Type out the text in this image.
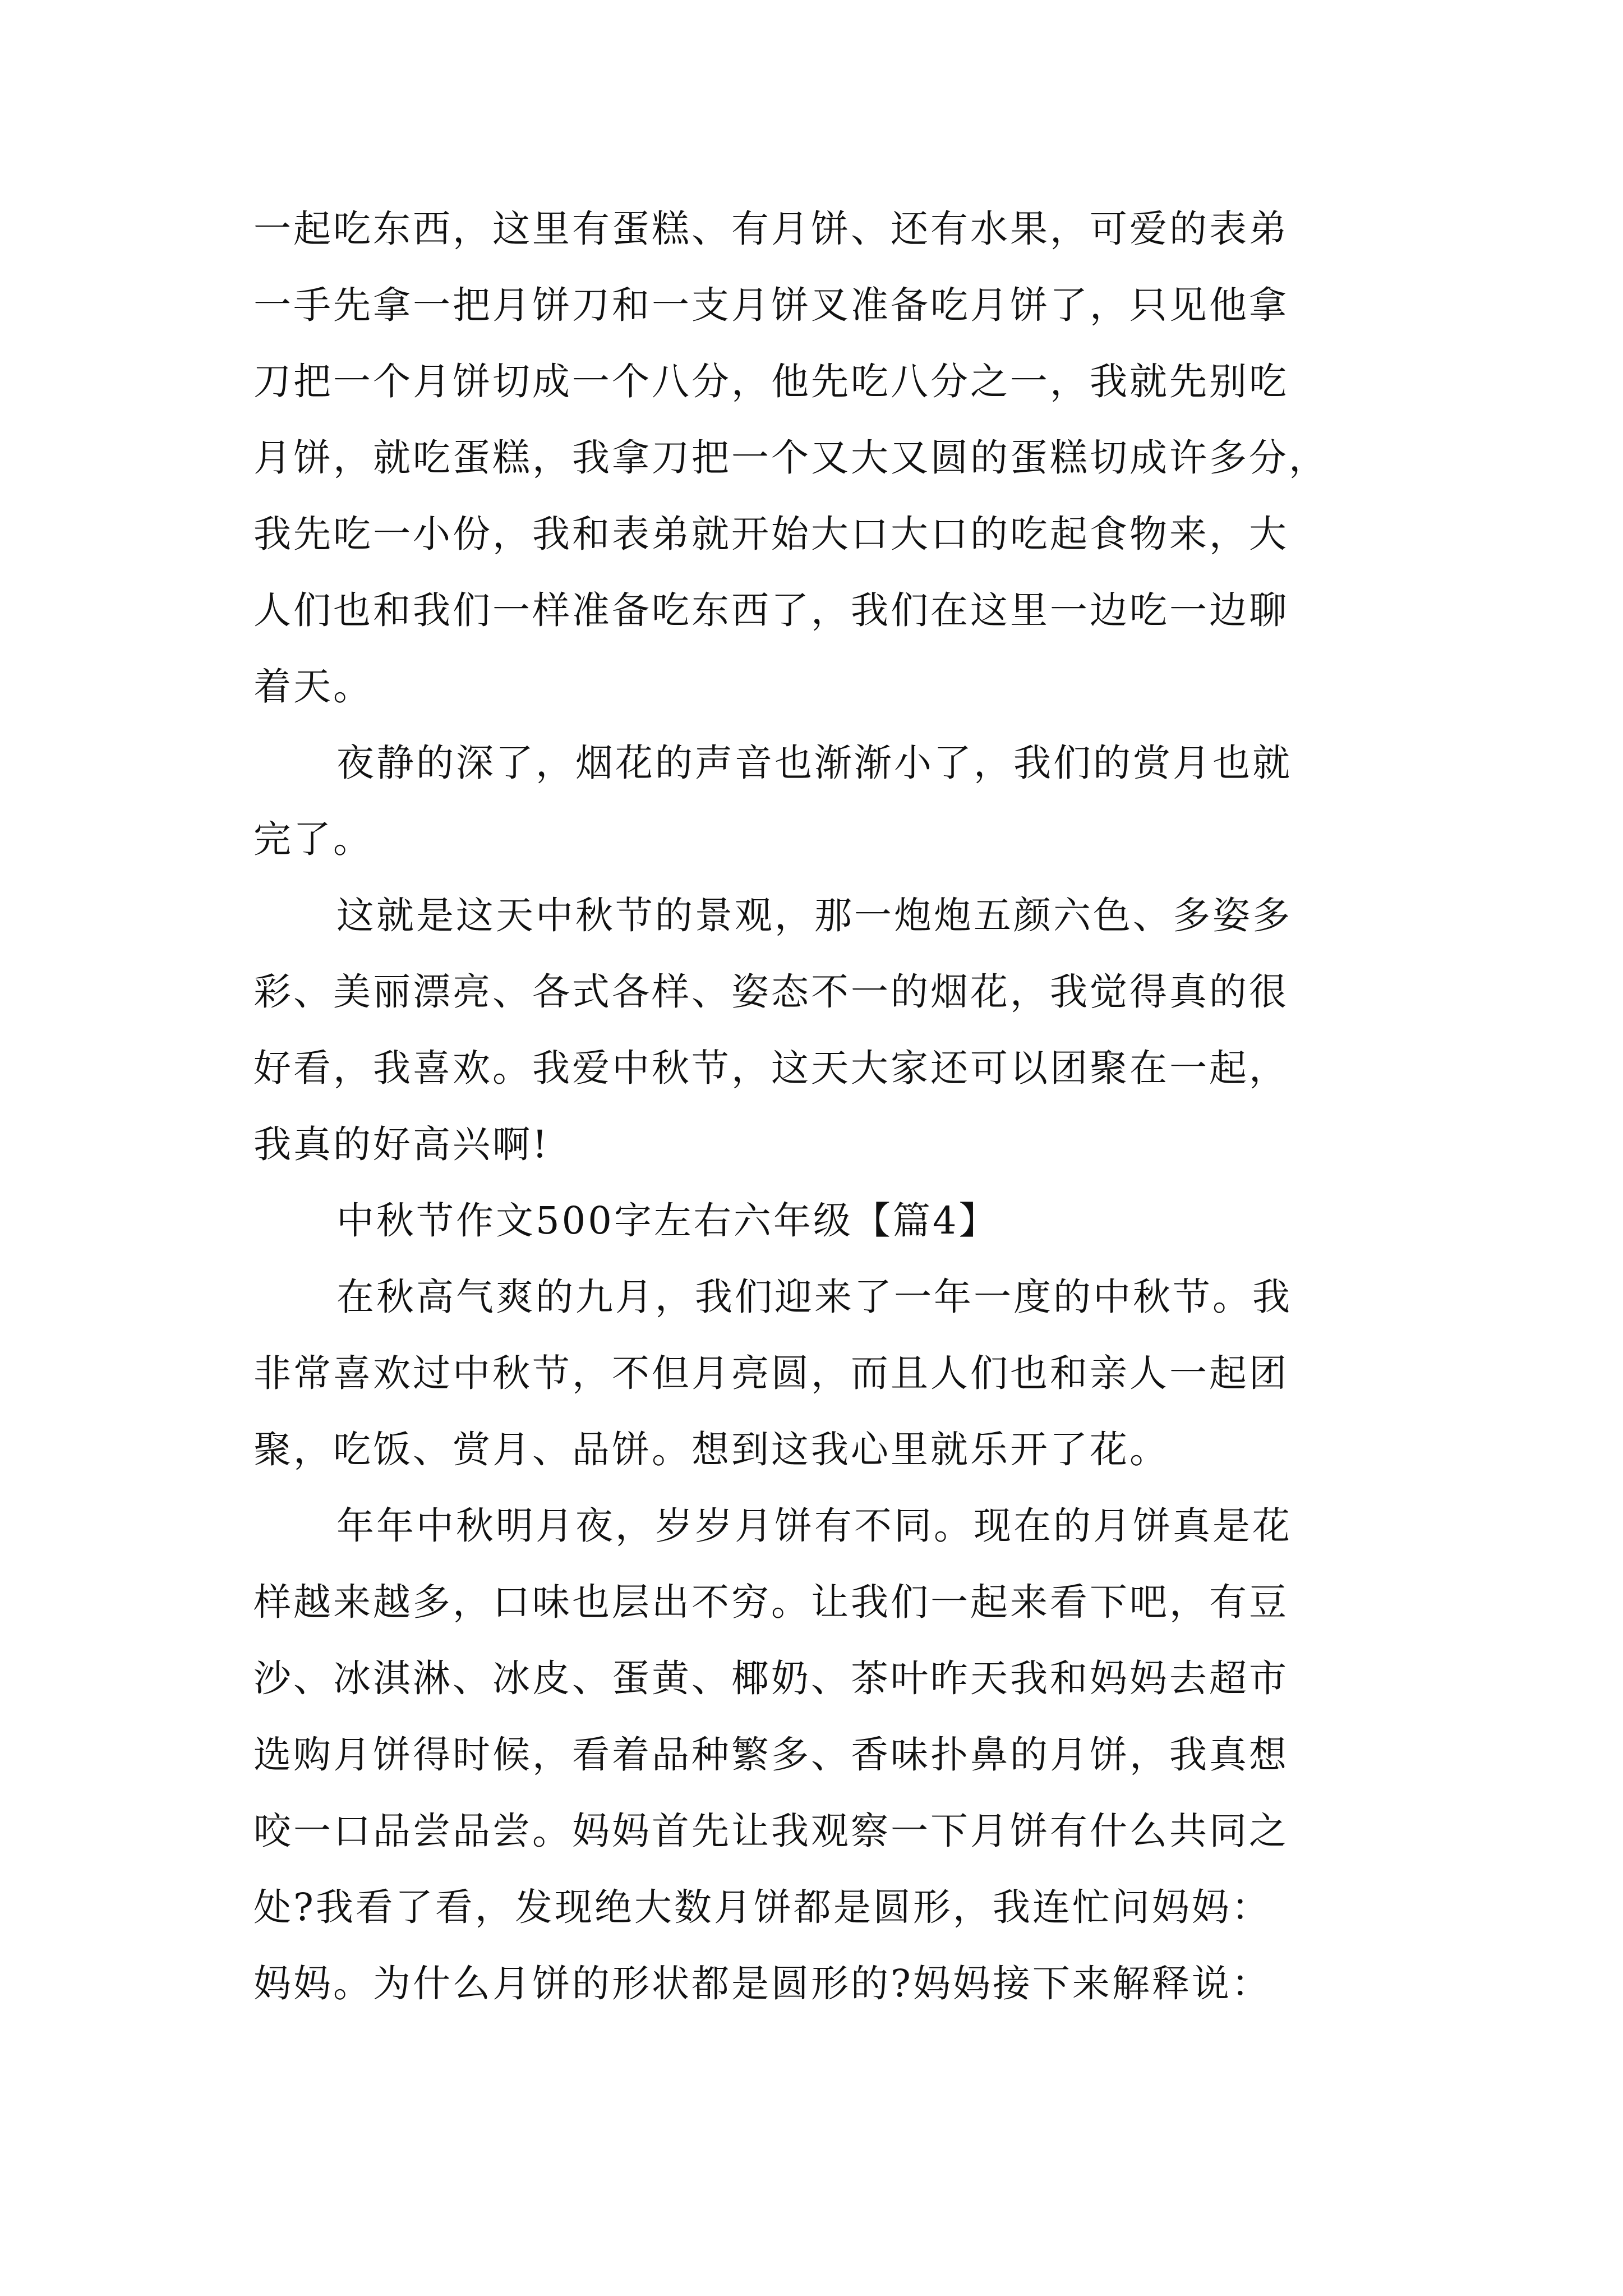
一起吃东西，这里有蛋糕、有月饼、还有水果，可爱的表弟
一手先拿一把月饼刀和一支月饼叉准备吃月饼了，只见他拿
刀把一个月饼切成一个八分，他先吃八分之一，我就先别吃
月饼，就吃蛋糕，我拿刀把一个又大又圆的蛋糕切成许多分，
我先吃一小份，我和表弟就开始大口大口的吃起食物来，大
人们也和我们一样准备吃东西了，我们在这里一边吃一边聊
着天。
夜静的深了，烟花的声音也渐渐小了，我们的赏月也就
完了。
这就是这天中秋节的景观，那一炮炮五颜六色、多姿多
彩、美丽漂亮、各式各样、姿态不一的烟花，我觉得真的很
好看，我喜欢。我爱中秋节，这天大家还可以团聚在一起，
我真的好高兴啊!
中秋节作文500字左右六年级【篇4】
在秋高气爽的九月，我们迎来了一年一度的中秋节。我
非常喜欢过中秋节，不但月亮圆，而且人们也和亲人一起团
聚，吃饭、赏月、品饼。想到这我心里就乐开了花。
年年中秋明月夜，岁岁月饼有不同。现在的月饼真是花
样越来越多，口味也层出不穷。让我们一起来看下吧，有豆
沙、冰淇淋、冰皮、蛋黄、椰奶、茶叶昨天我和妈妈去超市
选购月饼得时候，看着品种繁多、香味扑鼻的月饼，我真想
咬一口品尝品尝。妈妈首先让我观察一下月饼有什么共同之
处?我看了看，发现绝大数月饼都是圆形，我连忙问妈妈：
妈妈。为什么月饼的形状都是圆形的?妈妈接下来解释说：
